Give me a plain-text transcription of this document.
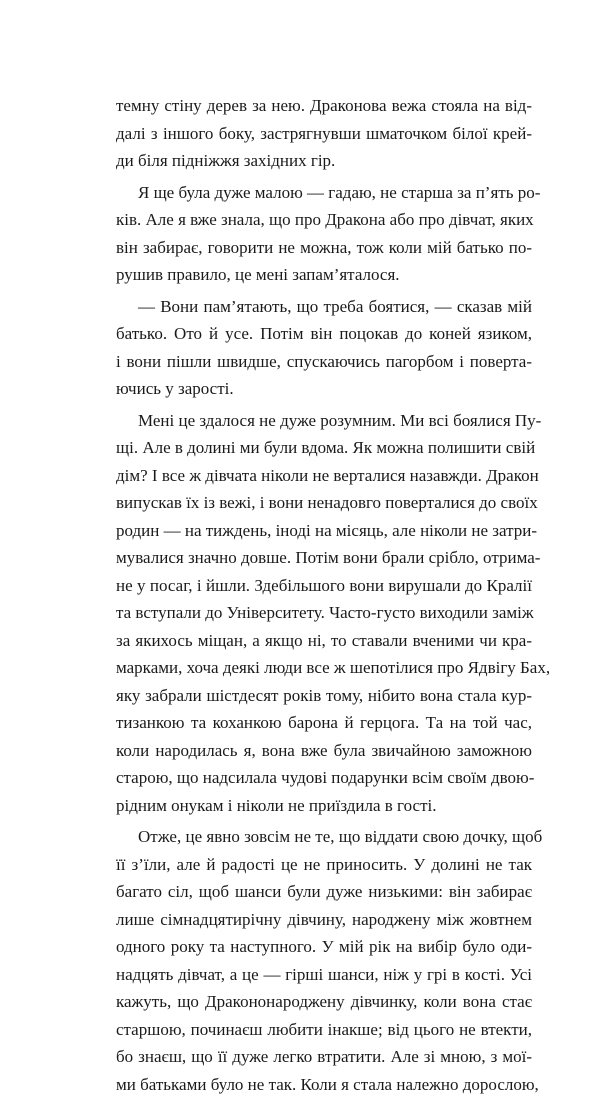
темну стіну дерев за нею. Драконова вежа стояла на від-
далі з іншого боку, застрягнувши шматочком білої крей-
ди біля підніжжя західних гір.
Я ще була дуже малою — гадаю, не старша за п’ять ро-
ків. Але я вже знала, що про Дракона або про дівчат, яких
він забирає, говорити не можна, тож коли мій батько по-
рушив правило, це мені запам’яталося.
— Вони пам’ятають, що треба боятися, — сказав мій
батько. Ото й усе. Потім він поцокав до коней язиком,
і вони пішли швидше, спускаючись пагорбом і поверта-
ючись у зарості.
Мені це здалося не дуже розумним. Ми всі боялися Пу-
щі. Але в долині ми були вдома. Як можна полишити свій
дім? І все ж дівчата ніколи не верталися назавжди. Дракон
випускав їх із вежі, і вони ненадовго поверталися до своїх
родин — на тиждень, іноді на місяць, але ніколи не затри-
мувалися значно довше. Потім вони брали срібло, отрима-
не у посаг, і йшли. Здебільшого вони вирушали до Кралії
та вступали до Університету. Часто-густо виходили заміж
за якихось міщан, а якщо ні, то ставали вченими чи кра-
марками, хоча деякі люди все ж шепотілися про Ядвігу Бах,
яку забрали шістдесят років тому, нібито вона стала кур-
тизанкою та коханкою барона й герцога. Та на той час,
коли народилась я, вона вже була звичайною заможною
старою, що надсилала чудові подарунки всім своїм двою-
рідним онукам і ніколи не приїздила в гості.
Отже, це явно зовсім не те, що віддати свою дочку, щоб
її з’їли, але й радості це не приносить. У долині не так
багато сіл, щоб шанси були дуже низькими: він забирає
лише сімнадцятирічну дівчину, народжену між жовтнем
одного року та наступного. У мій рік на вибір було оди-
надцять дівчат, а це — гірші шанси, ніж у грі в кості. Усі
кажуть, що Дракононароджену дівчинку, коли вона стає
старшою, починаєш любити інакше; від цього не втекти,
бо знаєш, що її дуже легко втратити. Але зі мною, з мої-
ми батьками було не так. Коли я стала належно дорослою,
